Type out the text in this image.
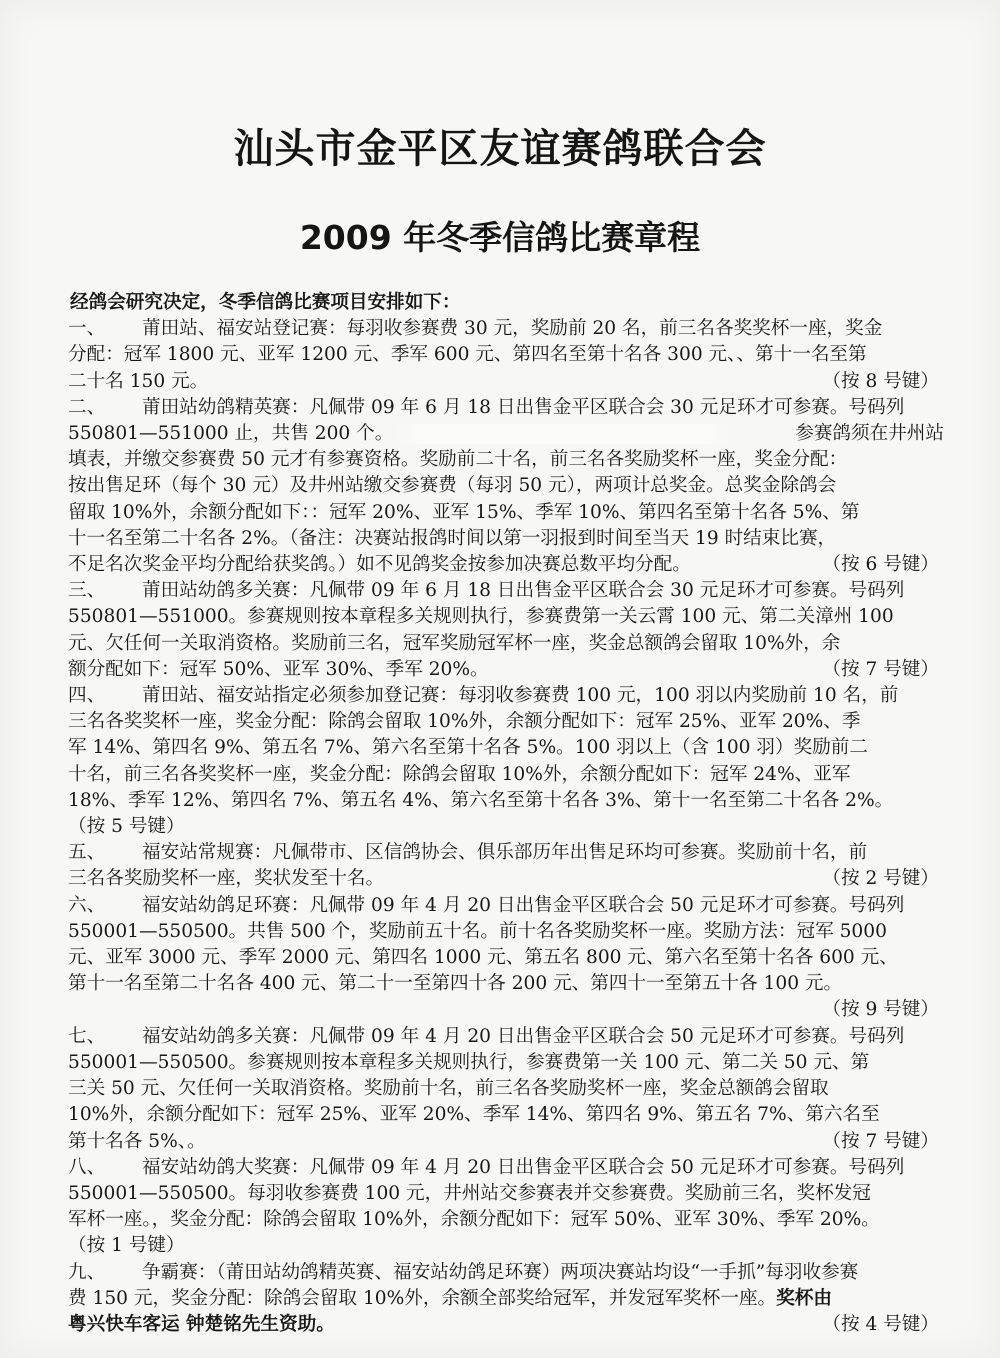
汕头市金平区友谊赛鸽联合会
2009 年冬季信鸽比赛章程
经鸽会研究决定，冬季信鸽比赛项目安排如下：
一、	莆田站、福安站登记赛：每羽收参赛费 30 元，奖励前 20 名，前三名各奖奖杯一座，奖金
分配：冠军 1800 元、亚军 1200 元、季军 600 元、第四名至第十名各 300 元、、第十一名至第
二十名 150 元。	（按 8 号键）
二、	莆田站幼鸽精英赛：凡佩带 09 年 6 月 18 日出售金平区联合会 30 元足环才可参赛。号码列
550801—551000 止，共售 200 个。	参赛鸽须在井州站
填表，并缴交参赛费 50 元才有参赛资格。奖励前二十名，前三名各奖励奖杯一座，奖金分配：
按出售足环（每个 30 元）及井州站缴交参赛费（每羽 50 元），两项计总奖金。总奖金除鸽会
留取 10%外，余额分配如下：：冠军 20%、亚军 15%、季军 10%、第四名至第十名各 5%、第
十一名至第二十名各 2%。（备注：决赛站报鸽时间以第一羽报到时间至当天 19 时结束比赛，
不足名次奖金平均分配给获奖鸽。）如不见鸽奖金按参加决赛总数平均分配。	（按 6 号键）
三、	莆田站幼鸽多关赛：凡佩带 09 年 6 月 18 日出售金平区联合会 30 元足环才可参赛。号码列
550801—551000。参赛规则按本章程多关规则执行，参赛费第一关云霄 100 元、第二关漳州 100
元、欠任何一关取消资格。奖励前三名，冠军奖励冠军杯一座，奖金总额鸽会留取 10%外，余
额分配如下：冠军 50%、亚军 30%、季军 20%。	（按 7 号键）
四、	莆田站、福安站指定必须参加登记赛：每羽收参赛费 100 元，100 羽以内奖励前 10 名，前
三名各奖奖杯一座，奖金分配：除鸽会留取 10%外，余额分配如下：冠军 25%、亚军 20%、季
军 14%、第四名 9%、第五名 7%、第六名至第十名各 5%。100 羽以上（含 100 羽）奖励前二
十名，前三名各奖奖杯一座，奖金分配：除鸽会留取 10%外，余额分配如下：冠军 24%、亚军
18%、季军 12%、第四名 7%、第五名 4%、第六名至第十名各 3%、第十一名至第二十名各 2%。
（按 5 号键）
五、	福安站常规赛：凡佩带市、区信鸽协会、俱乐部历年出售足环均可参赛。奖励前十名，前
三名各奖励奖杯一座，奖状发至十名。	（按 2 号键）
六、	福安站幼鸽足环赛：凡佩带 09 年 4 月 20 日出售金平区联合会 50 元足环才可参赛。号码列
550001—550500。共售 500 个，奖励前五十名。前十名各奖励奖杯一座。奖励方法：冠军 5000
元、亚军 3000 元、季军 2000 元、第四名 1000 元、第五名 800 元、第六名至第十名各 600 元、
第十一名至第二十名各 400 元、第二十一至第四十各 200 元、第四十一至第五十各 100 元。
（按 9 号键）
七、	福安站幼鸽多关赛：凡佩带 09 年 4 月 20 日出售金平区联合会 50 元足环才可参赛。号码列
550001—550500。参赛规则按本章程多关规则执行，参赛费第一关 100 元、第二关 50 元、第
三关 50 元、欠任何一关取消资格。奖励前十名，前三名各奖励奖杯一座，奖金总额鸽会留取
10%外，余额分配如下：冠军 25%、亚军 20%、季军 14%、第四名 9%、第五名 7%、第六名至
第十名各 5%、。	（按 7 号键）
八、	福安站幼鸽大奖赛：凡佩带 09 年 4 月 20 日出售金平区联合会 50 元足环才可参赛。号码列
550001—550500。每羽收参赛费 100 元，井州站交参赛表并交参赛费。奖励前三名，奖杯发冠
军杯一座。，奖金分配：除鸽会留取 10%外，余额分配如下：冠军 50%、亚军 30%、季军 20%。
（按 1 号键）
九、	争霸赛：（莆田站幼鸽精英赛、福安站幼鸽足环赛）两项决赛站均设“一手抓”每羽收参赛
费 150 元，奖金分配：除鸽会留取 10%外，余额全部奖给冠军，并发冠军奖杯一座。奖杯由
粤兴快车客运 钟楚铭先生资助。	（按 4 号键）
